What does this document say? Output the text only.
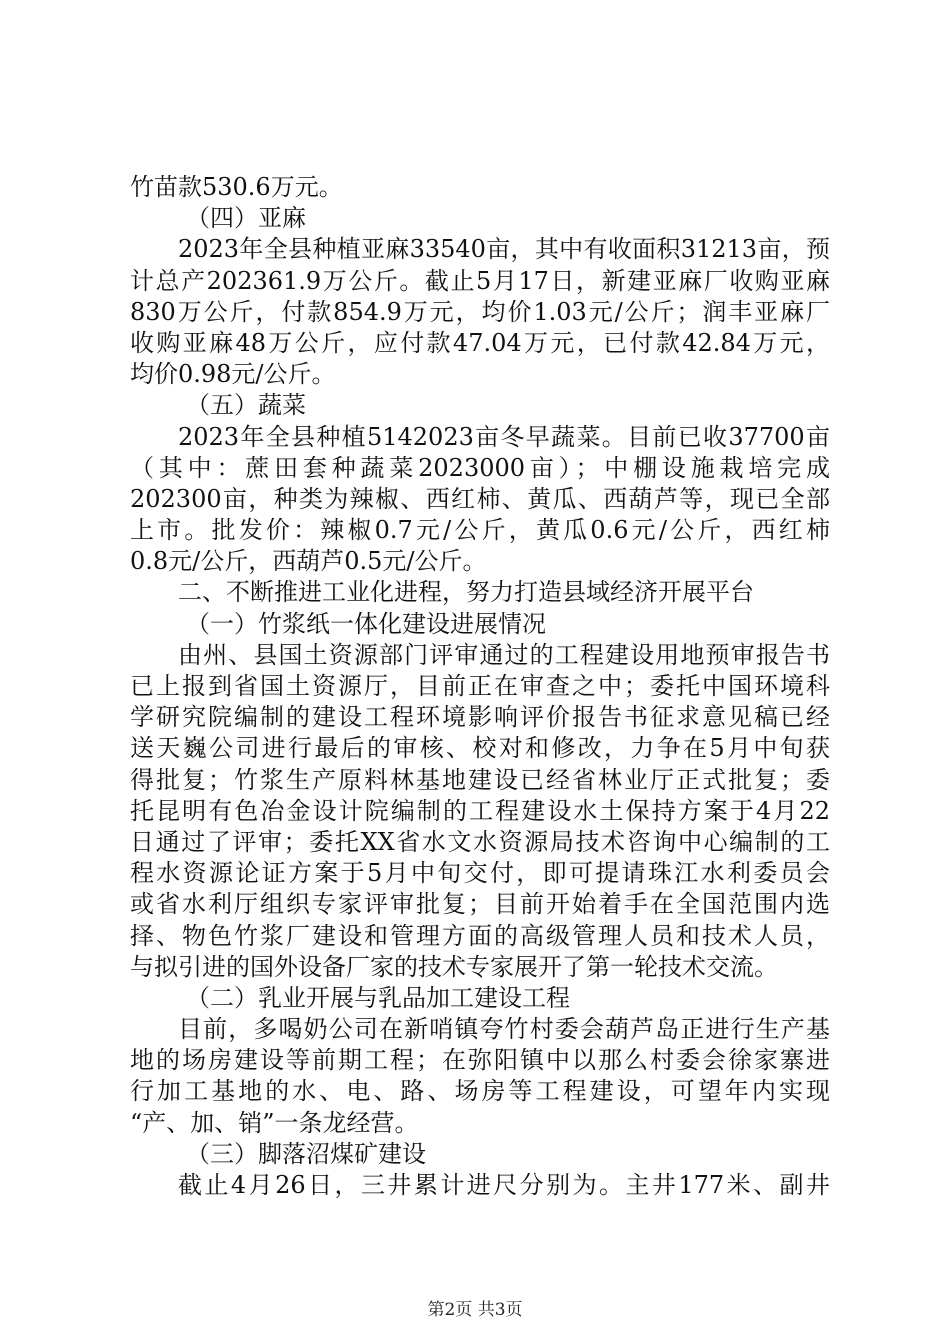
竹苗款530.6万元。
（四）亚麻
2023年全县种植亚麻33540亩，其中有收面积31213亩，预
计总产202361.9万公斤。截止5月17日，新建亚麻厂收购亚麻
830万公斤，付款854.9万元，均价1.03元/公斤；润丰亚麻厂
收购亚麻48万公斤，应付款47.04万元，已付款42.84万元，
均价0.98元/公斤。
（五）蔬菜
2023年全县种植5142023亩冬早蔬菜。目前已收37700亩
（其中：蔗田套种蔬菜2023000亩）；中棚设施栽培完成
202300亩，种类为辣椒、西红柿、黄瓜、西葫芦等，现已全部
上市。批发价：辣椒0.7元/公斤，黄瓜0.6元/公斤，西红柿
0.8元/公斤，西葫芦0.5元/公斤。
二、不断推进工业化进程，努力打造县域经济开展平台
（一）竹浆纸一体化建设进展情况
由州、县国土资源部门评审通过的工程建设用地预审报告书
已上报到省国土资源厅，目前正在审查之中；委托中国环境科
学研究院编制的建设工程环境影响评价报告书征求意见稿已经
送天巍公司进行最后的审核、校对和修改，力争在5月中旬获
得批复；竹浆生产原料林基地建设已经省林业厅正式批复；委
托昆明有色冶金设计院编制的工程建设水土保持方案于4月22
日通过了评审；委托XX省水文水资源局技术咨询中心编制的工
程水资源论证方案于5月中旬交付，即可提请珠江水利委员会
或省水利厅组织专家评审批复；目前开始着手在全国范围内选
择、物色竹浆厂建设和管理方面的高级管理人员和技术人员，
与拟引进的国外设备厂家的技术专家展开了第一轮技术交流。
（二）乳业开展与乳品加工建设工程
目前，多喝奶公司在新哨镇夸竹村委会葫芦岛正进行生产基
地的场房建设等前期工程；在弥阳镇中以那么村委会徐家寨进
行加工基地的水、电、路、场房等工程建设，可望年内实现
“产、加、销”一条龙经营。
（三）脚落沼煤矿建设
截止4月26日，三井累计进尺分别为。主井177米、副井
第2页 共3页
